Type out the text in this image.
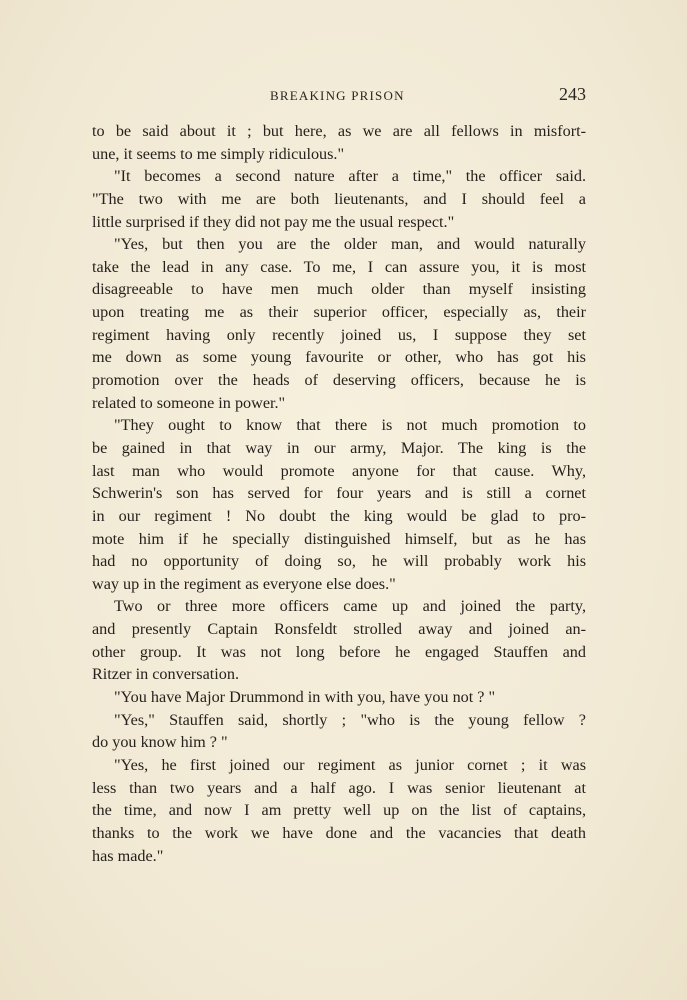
BREAKING PRISON	243
to be said about it ; but here, as we are all fellows in misfort-
une, it seems to me simply ridiculous."
"It becomes a second nature after a time," the officer said.
"The two with me are both lieutenants, and I should feel a
little surprised if they did not pay me the usual respect."
"Yes, but then you are the older man, and would naturally
take the lead in any case. To me, I can assure you, it is most
disagreeable to have men much older than myself insisting
upon treating me as their superior officer, especially as, their
regiment having only recently joined us, I suppose they set
me down as some young favourite or other, who has got his
promotion over the heads of deserving officers, because he is
related to someone in power."
"They ought to know that there is not much promotion to
be gained in that way in our army, Major. The king is the
last man who would promote anyone for that cause. Why,
Schwerin's son has served for four years and is still a cornet
in our regiment ! No doubt the king would be glad to pro-
mote him if he specially distinguished himself, but as he has
had no opportunity of doing so, he will probably work his
way up in the regiment as everyone else does."
Two or three more officers came up and joined the party,
and presently Captain Ronsfeldt strolled away and joined an-
other group. It was not long before he engaged Stauffen and
Ritzer in conversation.
"You have Major Drummond in with you, have you not ? "
"Yes," Stauffen said, shortly ; "who is the young fellow ?
do you know him ? "
"Yes, he first joined our regiment as junior cornet ; it was
less than two years and a half ago. I was senior lieutenant at
the time, and now I am pretty well up on the list of captains,
thanks to the work we have done and the vacancies that death
has made."
